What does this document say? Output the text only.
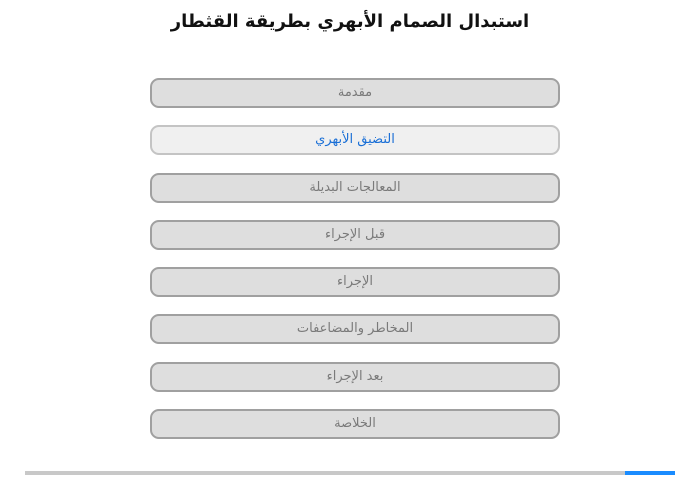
استبدال الصمام الأبهري بطريقة القثطار
مقدمة
التضيق الأبهري
المعالجات البديلة
قبل الإجراء
الإجراء
المخاطر والمضاعفات
بعد الإجراء
الخلاصة
